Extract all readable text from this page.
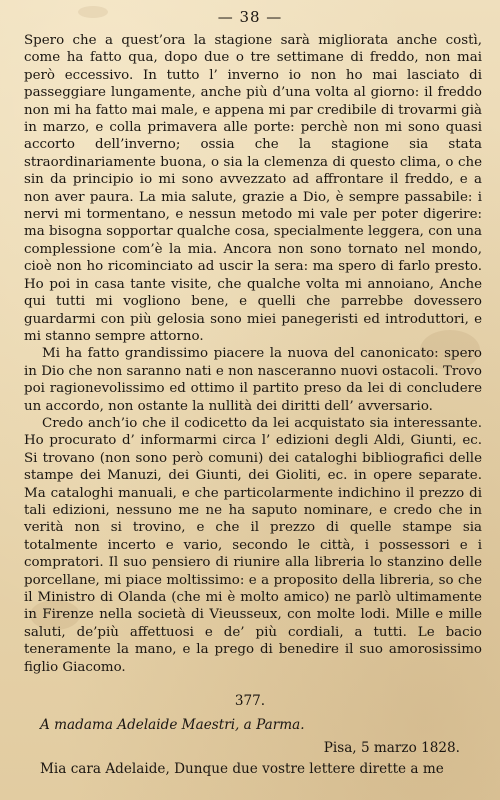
— 38 —

Spero che a quest’ora la stagione sarà migliorata anche costì, come ha fatto qua, dopo due o tre settimane di freddo, non mai però eccessivo. In tutto l’ inverno io non ho mai lasciato di passeggiare lungamente, anche più d’una volta al giorno: il freddo non mi ha fatto mai male, e appena mi par credibile di trovarmi già in marzo, e colla primavera alle porte: perchè non mi sono quasi accorto dell’inverno; ossia che la stagione sia stata straordinariamente buona, o sia la clemenza di questo clima, o che sin da principio io mi sono avvezzato ad affrontare il freddo, e a non aver paura. La mia salute, grazie a Dio, è sempre passabile: i nervi mi tormentano, e nessun metodo mi vale per poter digerire: ma bisogna sopportar qualche cosa, specialmente leggera, con una complessione com’è la mia. Ancora non sono tornato nel mondo, cioè non ho ricominciato ad uscir la sera: ma spero di farlo presto. Ho poi in casa tante visite, che qualche volta mi annoiano, Anche qui tutti mi vogliono bene, e quelli che parrebbe dovessero guardarmi con più gelosia sono miei panegeristi ed introduttori, e mi stanno sempre attorno.

Mi ha fatto grandissimo piacere la nuova del canonicato: spero in Dio che non saranno nati e non nasceranno nuovi ostacoli. Trovo poi ragionevolissimo ed ottimo il partito preso da lei di concludere un accordo, non ostante la nullità dei diritti dell’ avversario.

Credo anch’io che il codicetto da lei acquistato sia interessante. Ho procurato d’ informarmi circa l’ edizioni degli Aldi, Giunti, ec. Si trovano (non sono però comuni) dei cataloghi bibliografici delle stampe dei Manuzi, dei Giunti, dei Gioliti, ec. in opere separate. Ma cataloghi manuali, e che particolarmente indichino il prezzo di tali edizioni, nessuno me ne ha saputo nominare, e credo che in verità non si trovino, e che il prezzo di quelle stampe sia totalmente incerto e vario, secondo le città, i possessori e i compratori. Il suo pensiero di riunire alla libreria lo stanzino delle porcellane, mi piace moltissimo: e a proposito della libreria, so che il Ministro di Olanda (che mi è molto amico) ne parlò ultimamente in Firenze nella società di Vieusseux, con molte lodi. Mille e mille saluti, de’più affettuosi e de’ più cordiali, a tutti. Le bacio teneramente la mano, e la prego di benedire il suo amorosissimo figlio Giacomo.

377.
A madama Adelaide Maestri, a Parma.
Pisa, 5 marzo 1828.
Mia cara Adelaide, Dunque due vostre lettere dirette a me
